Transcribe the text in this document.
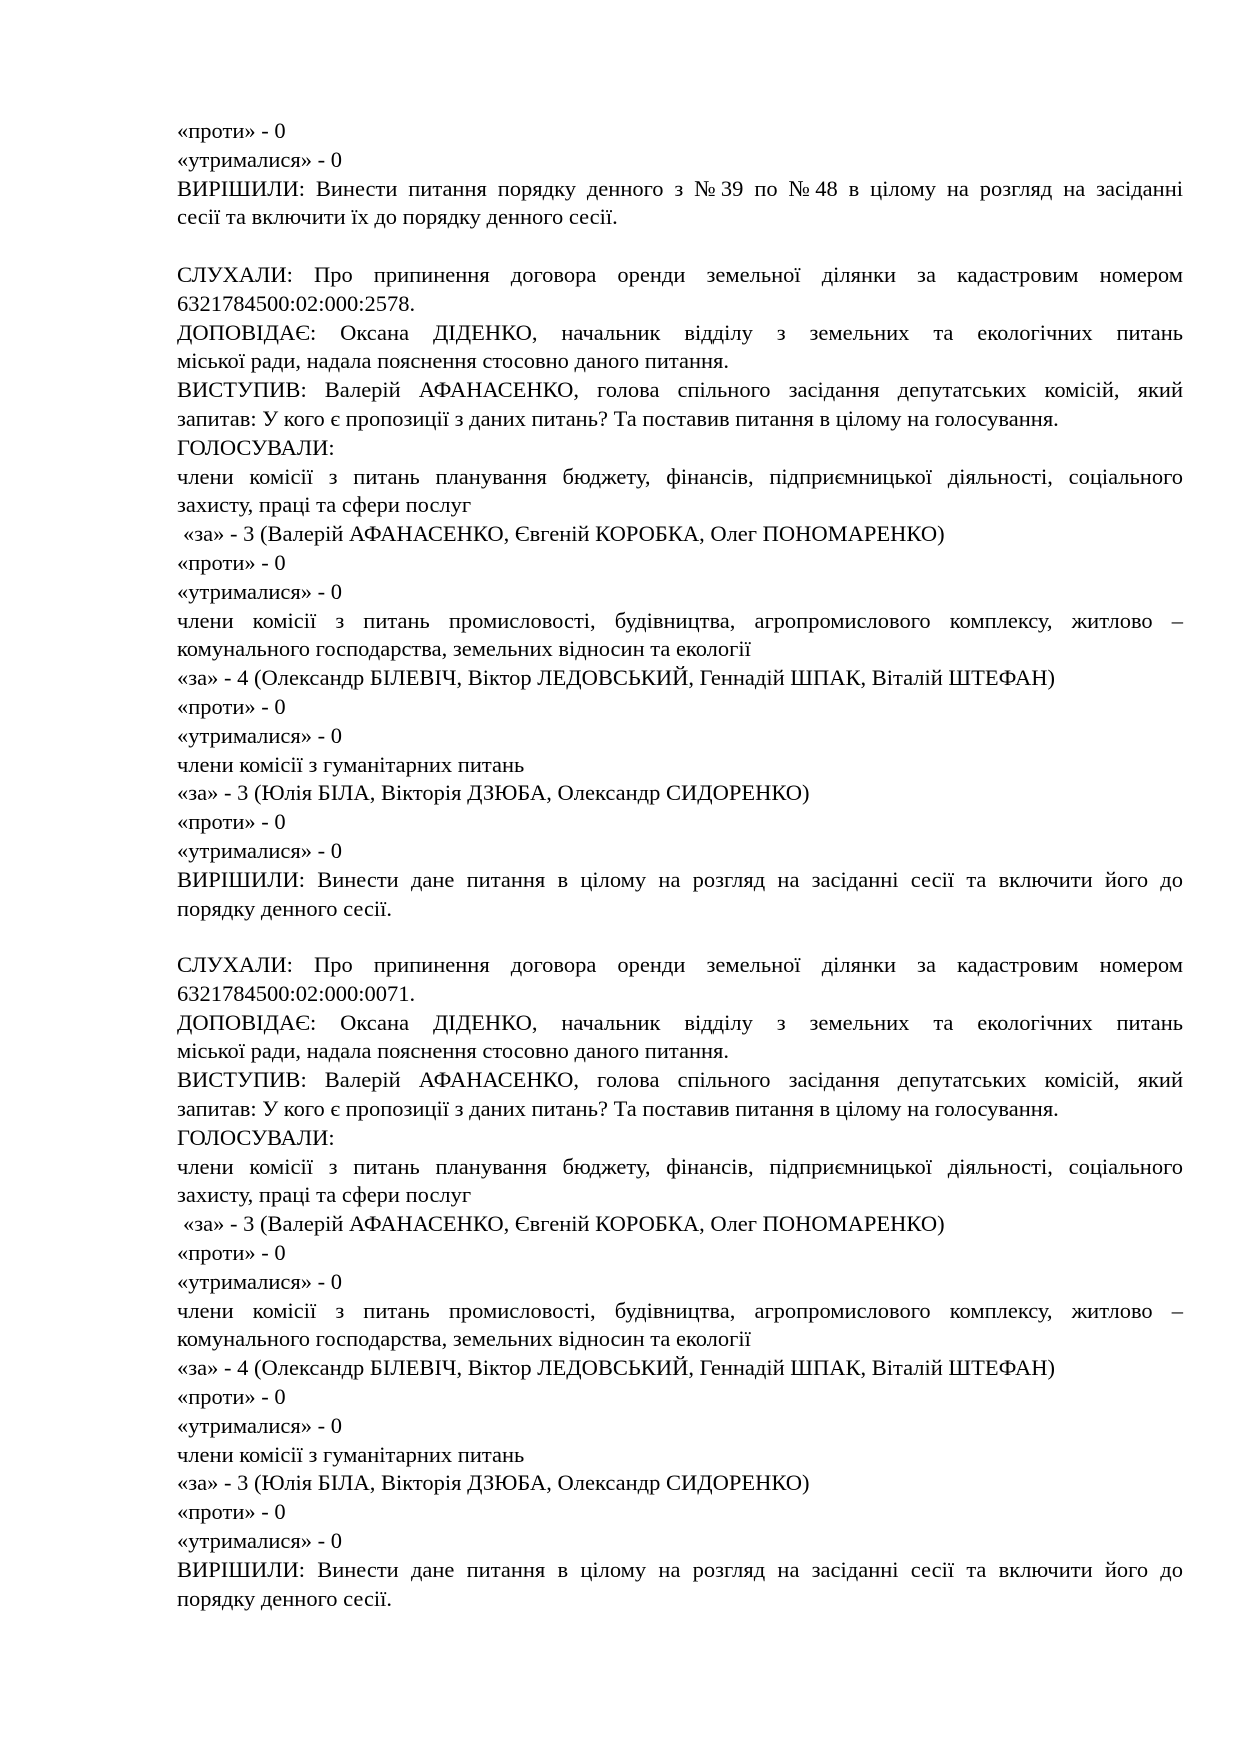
«проти» - 0
«утрималися» - 0
ВИРІШИЛИ: Винести питання порядку денного з №39 по №48 в цілому на розгляд на засіданні
сесії та включити їх до порядку денного сесії.
СЛУХАЛИ: Про припинення договора оренди земельної ділянки за кадастровим номером
6321784500:02:000:2578.
ДОПОВІДАЄ: Оксана ДІДЕНКО, начальник відділу з земельних та екологічних питань
міської ради, надала пояснення стосовно даного питання.
ВИСТУПИВ: Валерій АФАНАСЕНКО, голова спільного засідання депутатських комісій, який
запитав: У кого є пропозиції з даних питань? Та поставив питання в цілому на голосування.
ГОЛОСУВАЛИ:
члени комісії з питань планування бюджету, фінансів, підприємницької діяльності, соціального
захисту, праці та сфери послуг
«за» - 3 (Валерій АФАНАСЕНКО, Євгеній КОРОБКА, Олег ПОНОМАРЕНКО)
«проти» - 0
«утрималися» - 0
члени комісії з питань промисловості, будівництва, агропромислового комплексу, житлово –
комунального господарства, земельних відносин та екології
«за» - 4 (Олександр БІЛЕВІЧ, Віктор ЛЕДОВСЬКИЙ, Геннадій ШПАК, Віталій ШТЕФАН)
«проти» - 0
«утрималися» - 0
члени комісії з гуманітарних питань
«за» - 3 (Юлія БІЛА, Вікторія ДЗЮБА, Олександр СИДОРЕНКО)
«проти» - 0
«утрималися» - 0
ВИРІШИЛИ: Винести дане питання в цілому на розгляд на засіданні сесії та включити його до
порядку денного сесії.
СЛУХАЛИ: Про припинення договора оренди земельної ділянки за кадастровим номером
6321784500:02:000:0071.
ДОПОВІДАЄ: Оксана ДІДЕНКО, начальник відділу з земельних та екологічних питань
міської ради, надала пояснення стосовно даного питання.
ВИСТУПИВ: Валерій АФАНАСЕНКО, голова спільного засідання депутатських комісій, який
запитав: У кого є пропозиції з даних питань? Та поставив питання в цілому на голосування.
ГОЛОСУВАЛИ:
члени комісії з питань планування бюджету, фінансів, підприємницької діяльності, соціального
захисту, праці та сфери послуг
«за» - 3 (Валерій АФАНАСЕНКО, Євгеній КОРОБКА, Олег ПОНОМАРЕНКО)
«проти» - 0
«утрималися» - 0
члени комісії з питань промисловості, будівництва, агропромислового комплексу, житлово –
комунального господарства, земельних відносин та екології
«за» - 4 (Олександр БІЛЕВІЧ, Віктор ЛЕДОВСЬКИЙ, Геннадій ШПАК, Віталій ШТЕФАН)
«проти» - 0
«утрималися» - 0
члени комісії з гуманітарних питань
«за» - 3 (Юлія БІЛА, Вікторія ДЗЮБА, Олександр СИДОРЕНКО)
«проти» - 0
«утрималися» - 0
ВИРІШИЛИ: Винести дане питання в цілому на розгляд на засіданні сесії та включити його до
порядку денного сесії.
